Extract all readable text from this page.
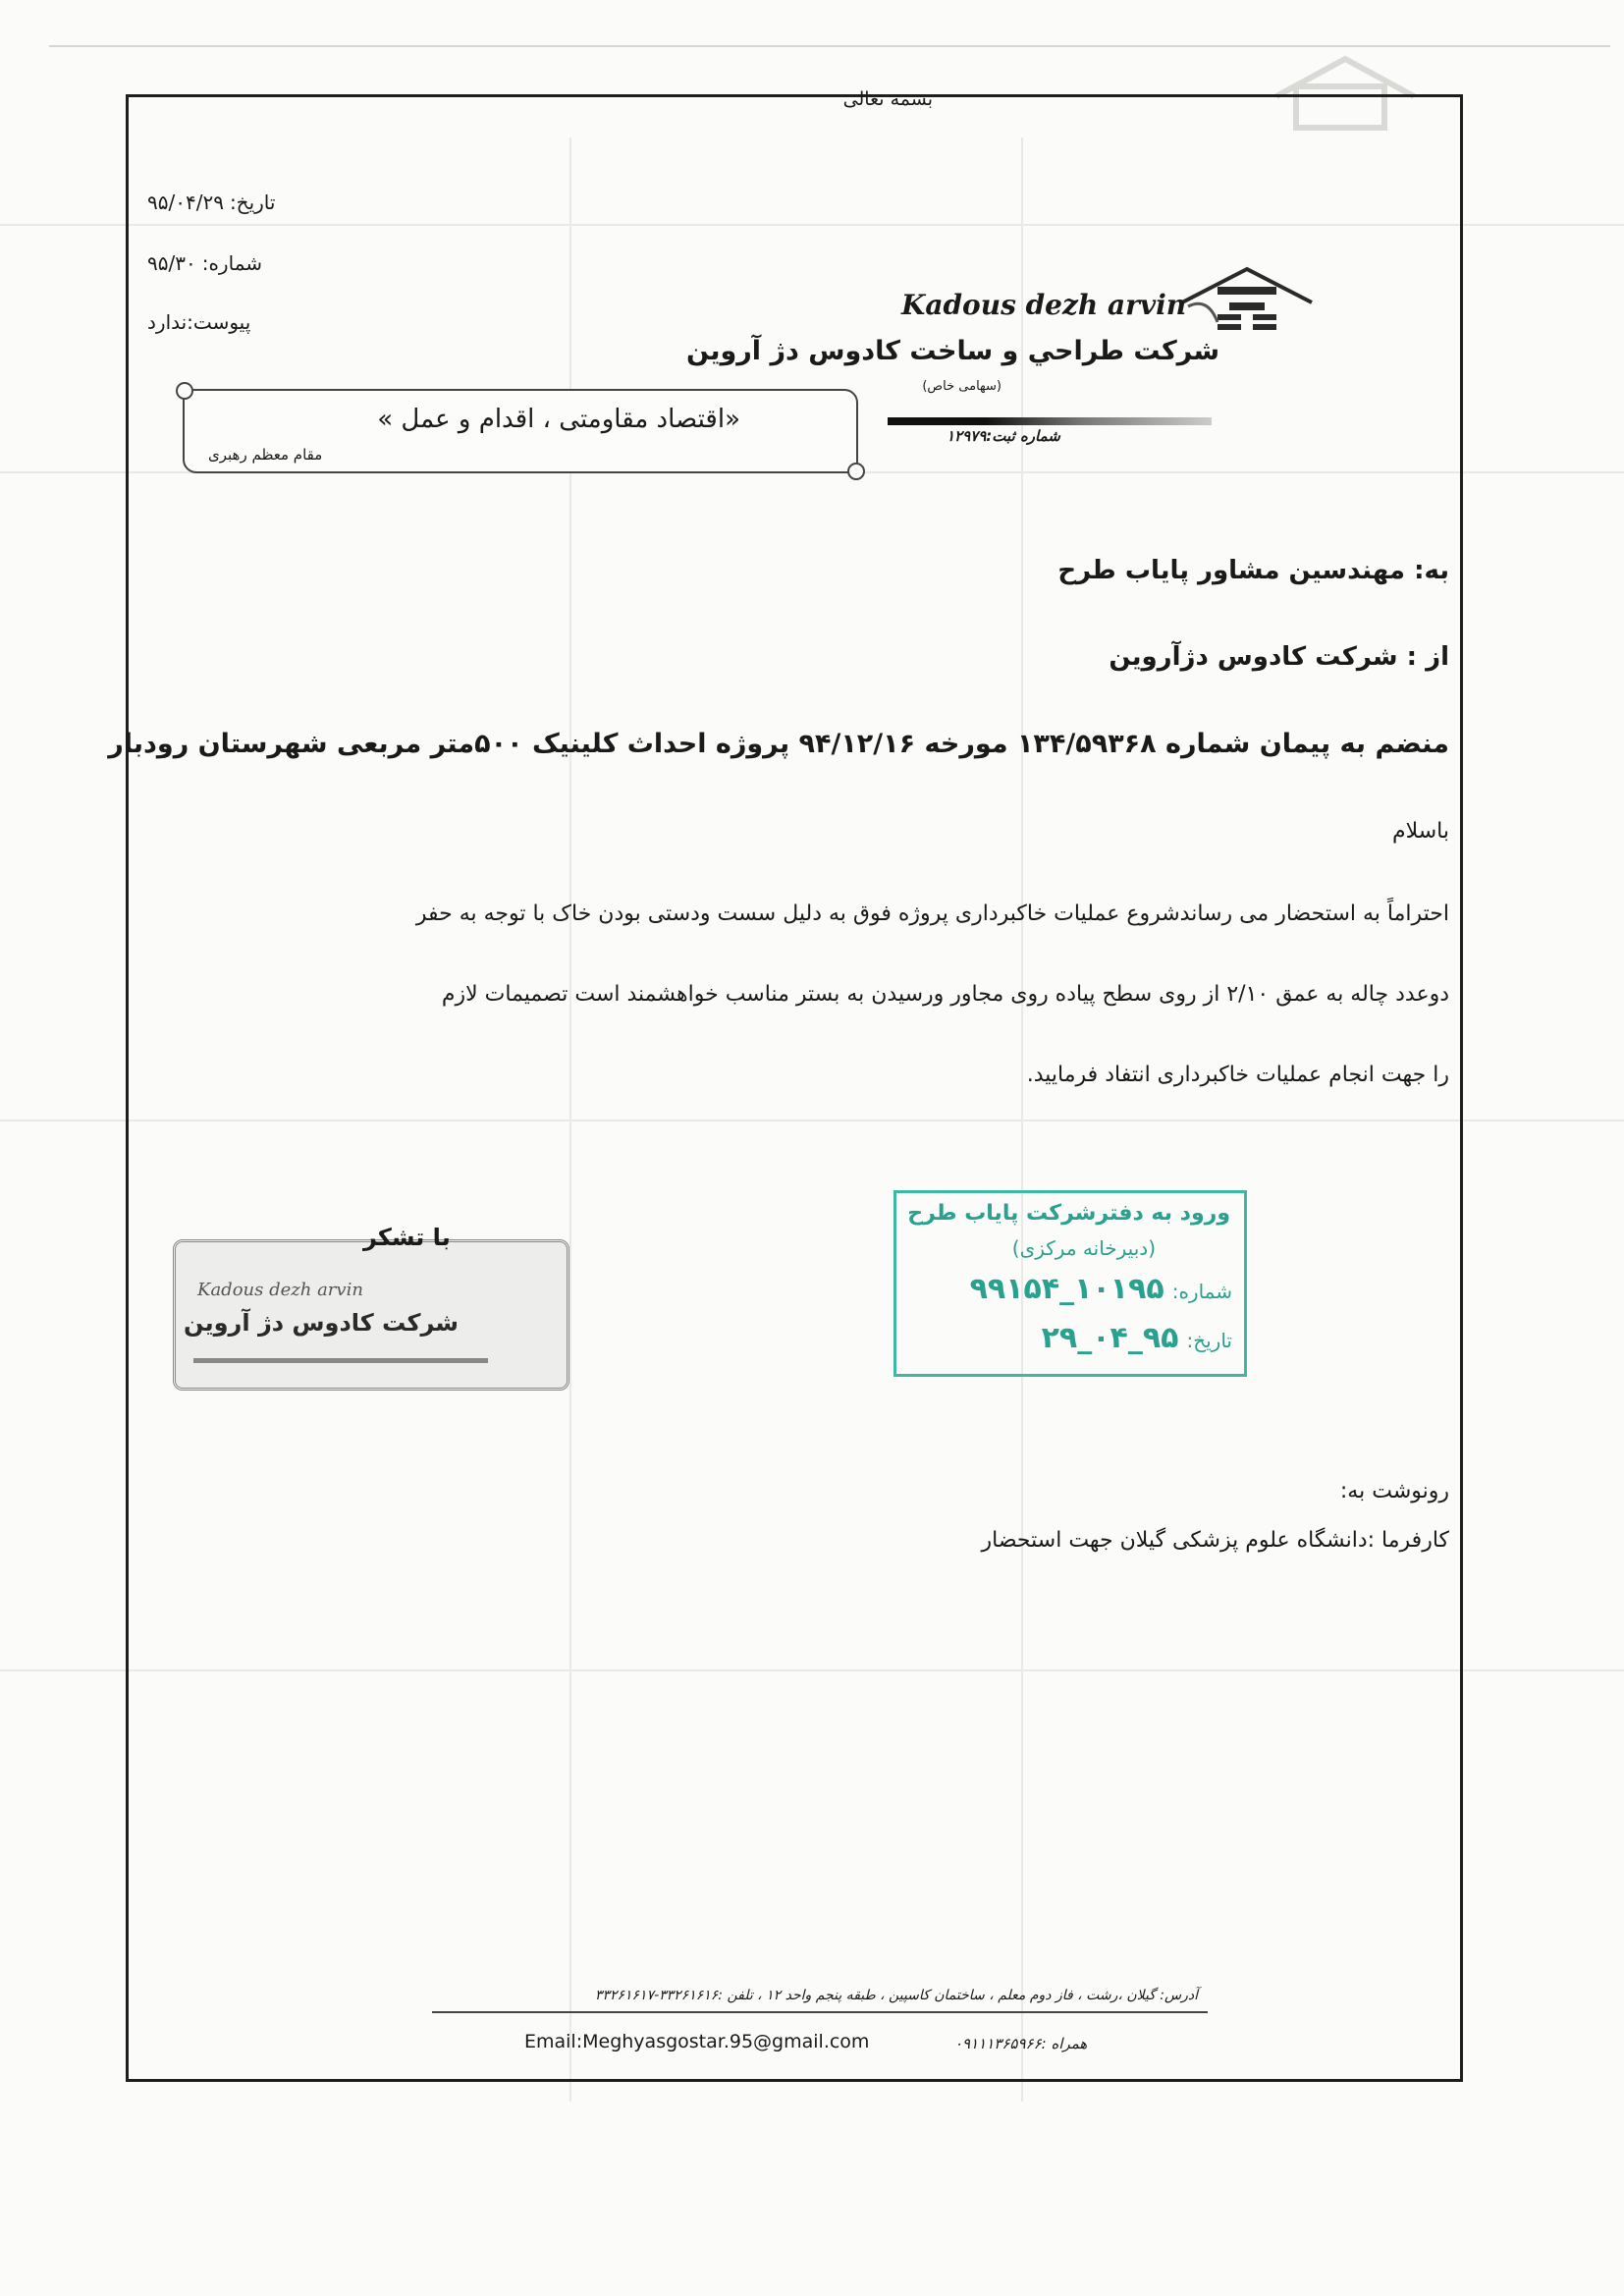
بسمه تعالی
تاریخ:۹۵/۰۴/۲۹
شماره:۹۵/۳۰
پیوست:ندارد
«اقتصاد مقاومتی ، اقدام و عمل »
مقام معظم رهبری
Kadous dezh arvin
شرکت طراحي و ساخت كادوس دژ آروين
(سهامی خاص)
شماره ثبت:۱۲۹۷۹
به: مهندسین مشاور پایاب طرح
از : شرکت کادوس دژآروین
منضم به پیمان شماره ۱۳۴/۵۹۳۶۸ مورخه ۹۴/۱۲/۱۶ پروژه احداث کلینیک ۵۰۰متر مربعی شهرستان رودبار
باسلام
احتراماً به استحضار می رساندشروع عملیات خاکبرداری پروژه فوق به دلیل سست ودستی بودن خاک با توجه به حفر
دوعدد چاله به عمق ۲/۱۰ از روی سطح پیاده روی مجاور ورسیدن به بستر مناسب خواهشمند است تصمیمات لازم
را جهت انجام عملیات خاکبرداری انتفاد فرمایید.
Kadous dezh arvin
شرکت کادوس دژ آروین
با تشکر
ورود به دفترشرکت پایاب طرح
(دبیرخانه مرکزی)
شماره:۱۰۱۹۵_۹۹۱۵۴
تاریخ:۹۵_۰۴_۲۹
رونوشت به:
کارفرما :دانشگاه علوم پزشکی گیلان جهت استحضار
آدرس: گیلان ،رشت ، فاز دوم معلم ، ساختمان کاسپین ، طبقه پنجم واحد ۱۲ ، تلفن :۳۳۲۶۱۶۱۶-۳۳۲۶۱۶۱۷
Email:Meghyasgostar.95@gmail.com	همراه :۰۹۱۱۱۳۶۵۹۶۶
